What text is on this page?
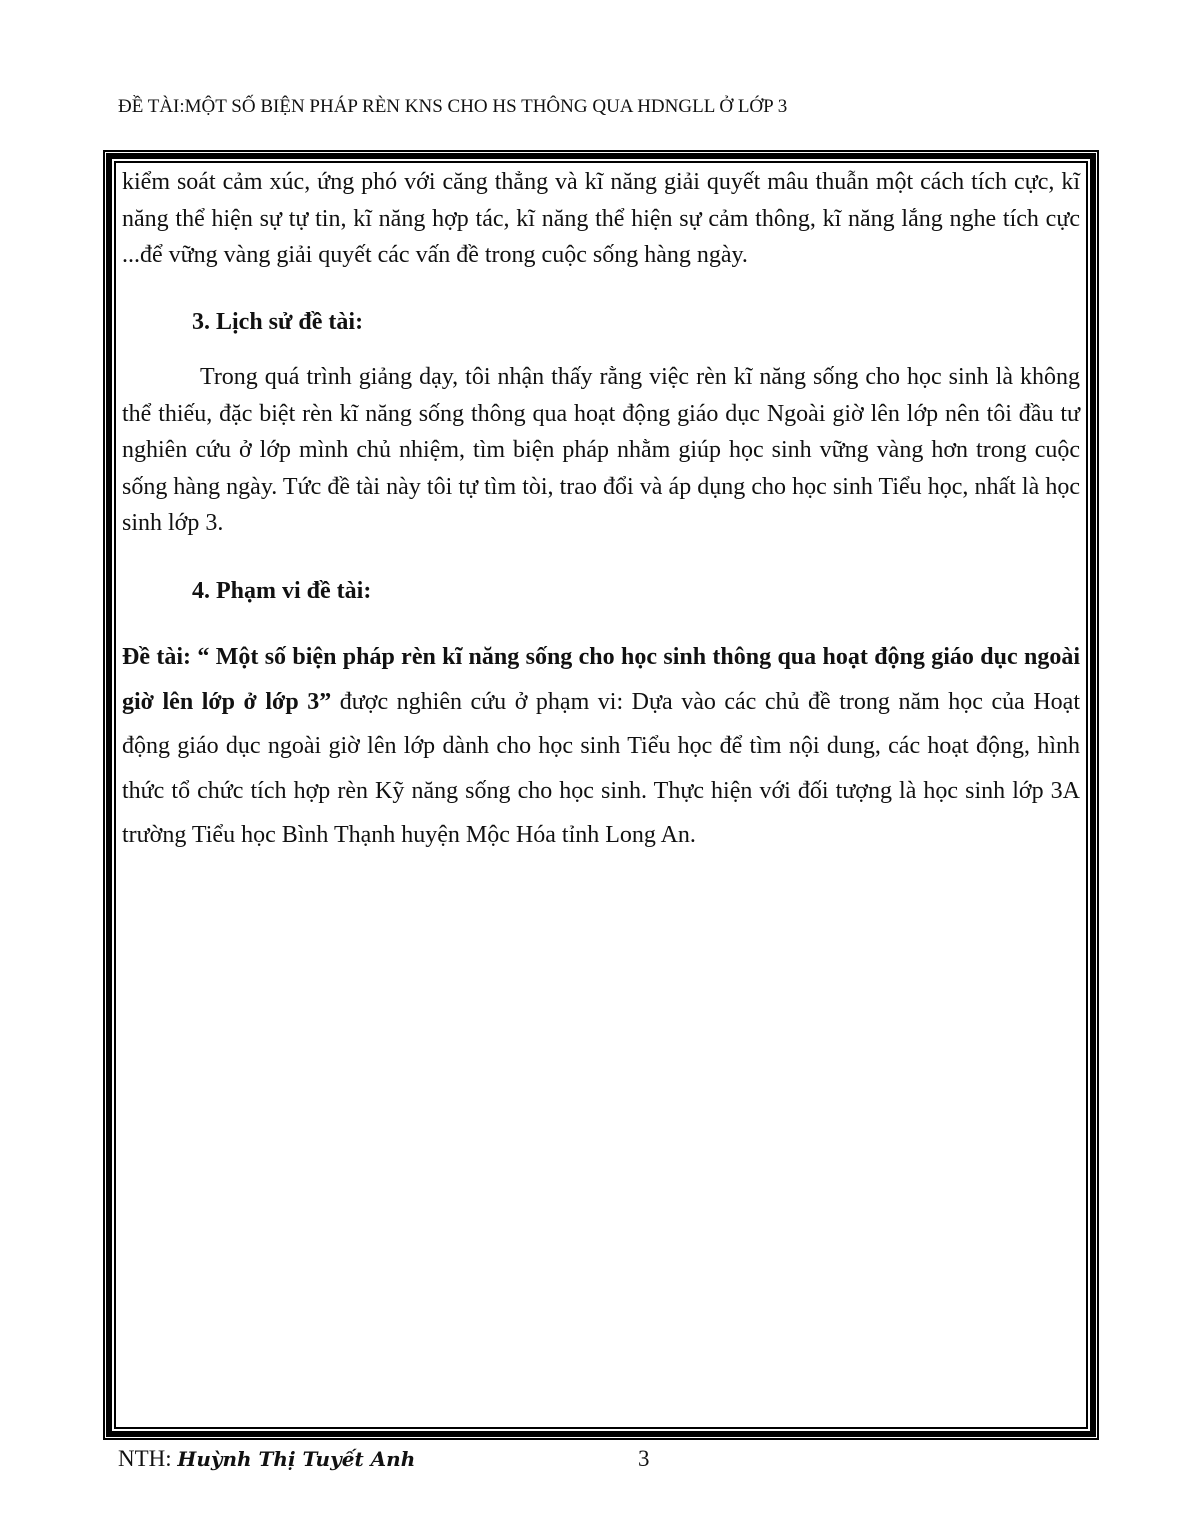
ĐỀ TÀI:MỘT SỐ BIỆN PHÁP RÈN KNS CHO HS THÔNG QUA HDNGLL Ở LỚP 3

kiểm soát cảm xúc, ứng phó với căng thẳng và kĩ năng giải quyết mâu thuẫn một cách tích cực, kĩ năng thể hiện sự tự tin, kĩ năng hợp tác, kĩ năng thể hiện sự cảm thông, kĩ năng lắng nghe tích cực ...để vững vàng giải quyết các vấn đề trong cuộc sống hàng ngày.

3. Lịch sử đề tài:

Trong quá trình giảng dạy, tôi nhận thấy rằng việc rèn kĩ năng sống cho học sinh là không thể thiếu, đặc biệt rèn kĩ năng sống thông qua hoạt động giáo dục Ngoài giờ lên lớp nên tôi đầu tư nghiên cứu ở lớp mình chủ nhiệm, tìm biện pháp nhằm giúp học sinh vững vàng hơn trong cuộc sống hàng ngày. Tức đề tài này tôi tự tìm tòi, trao đổi và áp dụng cho học sinh Tiểu học, nhất là học sinh lớp 3.

4. Phạm vi đề tài:

Đề tài: “ Một số biện pháp rèn kĩ năng sống cho học sinh thông qua hoạt động giáo dục ngoài giờ lên lớp ở lớp 3” được nghiên cứu ở phạm vi: Dựa vào các chủ đề trong năm học của Hoạt động giáo dục ngoài giờ lên lớp dành cho học sinh Tiểu học để tìm nội dung, các hoạt động, hình thức tổ chức tích hợp rèn Kỹ năng sống cho học sinh. Thực hiện với đối tượng là học sinh lớp 3A trường Tiểu học Bình Thạnh huyện Mộc Hóa tỉnh Long An.

NTH: Huỳnh Thị Tuyết Anh	3
